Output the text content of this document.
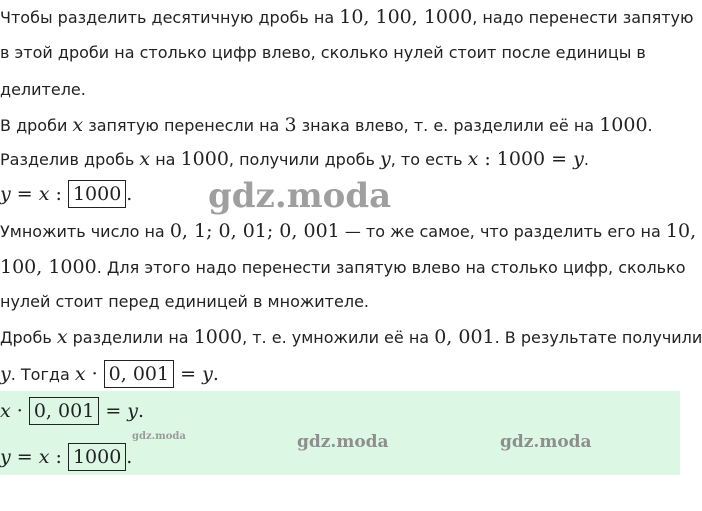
Чтобы разделить десятичную дробь на 10, 100, 1000, надо перенести запятую
в этой дроби на столько цифр влево, сколько нулей стоит после единицы в
делителе.
В дроби x запятую перенесли на 3 знака влево, т. е. разделили её на 1000.
Разделив дробь x на 1000, получили дробь y, то есть x : 1000 = y.
y = x : 1000 .
Умножить число на 0, 1; 0, 01; 0, 001 — то же самое, что разделить его на 10,
100, 1000. Для этого надо перенести запятую влево на столько цифр, сколько
нулей стоит перед единицей в множителе.
Дробь x разделили на 1000, т. е. умножили её на 0, 001. В результате получили
y. Тогда x · 0, 001 = y.
x · 0, 001 = y.
y = x : 1000 .
gdz.moda
gdz.moda	gdz.moda	gdz.moda
